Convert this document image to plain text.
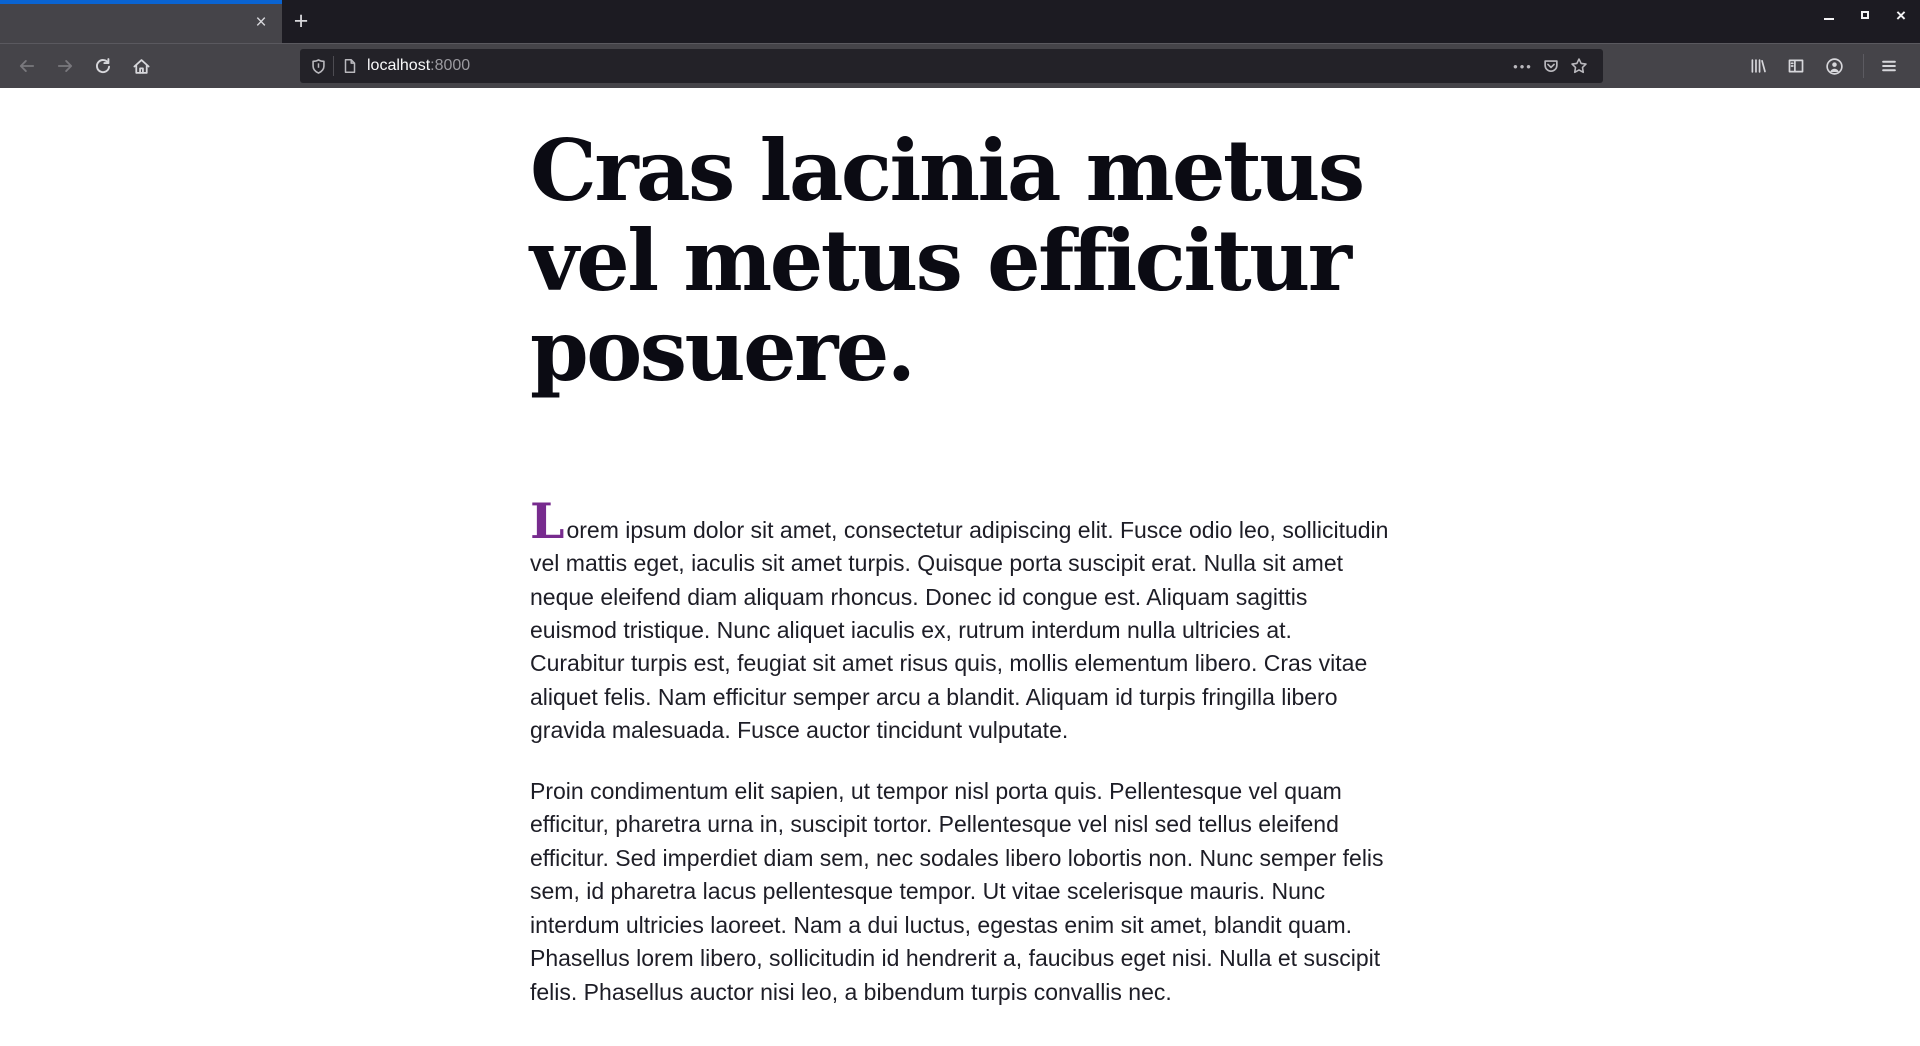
×	+	×
localhost:8000	•••
Cras lacinia metus vel metus efficitur posuere.

Lorem ipsum dolor sit amet, consectetur adipiscing elit. Fusce odio leo, sollicitudin vel mattis eget, iaculis sit amet turpis. Quisque porta suscipit erat. Nulla sit amet neque eleifend diam aliquam rhoncus. Donec id congue est. Aliquam sagittis euismod tristique. Nunc aliquet iaculis ex, rutrum interdum nulla ultricies at. Curabitur turpis est, feugiat sit amet risus quis, mollis elementum libero. Cras vitae aliquet felis. Nam efficitur semper arcu a blandit. Aliquam id turpis fringilla libero gravida malesuada. Fusce auctor tincidunt vulputate.

Proin condimentum elit sapien, ut tempor nisl porta quis. Pellentesque vel quam efficitur, pharetra urna in, suscipit tortor. Pellentesque vel nisl sed tellus eleifend efficitur. Sed imperdiet diam sem, nec sodales libero lobortis non. Nunc semper felis sem, id pharetra lacus pellentesque tempor. Ut vitae scelerisque mauris. Nunc interdum ultricies laoreet. Nam a dui luctus, egestas enim sit amet, blandit quam. Phasellus lorem libero, sollicitudin id hendrerit a, faucibus eget nisi. Nulla et suscipit felis. Phasellus auctor nisi leo, a bibendum turpis convallis nec.
